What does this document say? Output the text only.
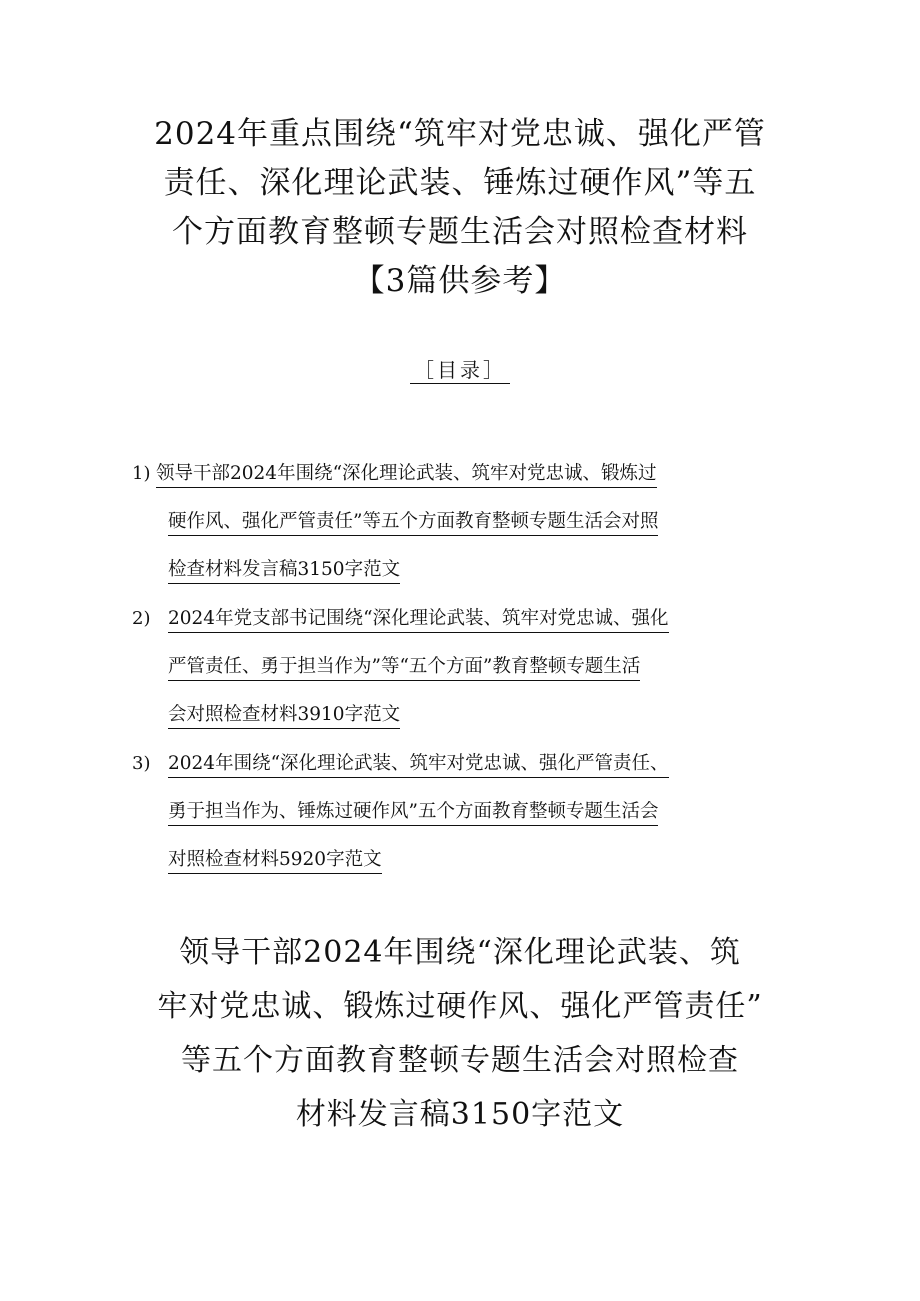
2024年重点围绕“筑牢对党忠诚、强化严管
责任、深化理论武装、锤炼过硬作风”等五
个方面教育整顿专题生活会对照检查材料
【3篇供参考】
［目录］
1) 领导干部2024年围绕“深化理论武装、筑牢对党忠诚、锻炼过
硬作风、强化严管责任”等五个方面教育整顿专题生活会对照
检查材料发言稿3150字范文
2) 2024年党支部书记围绕“深化理论武装、筑牢对党忠诚、强化
严管责任、勇于担当作为”等“五个方面”教育整顿专题生活
会对照检查材料3910字范文
3) 2024年围绕“深化理论武装、筑牢对党忠诚、强化严管责任、
勇于担当作为、锤炼过硬作风”五个方面教育整顿专题生活会
对照检查材料5920字范文
领导干部2024年围绕“深化理论武装、筑
牢对党忠诚、锻炼过硬作风、强化严管责任”
等五个方面教育整顿专题生活会对照检查
材料发言稿3150字范文
